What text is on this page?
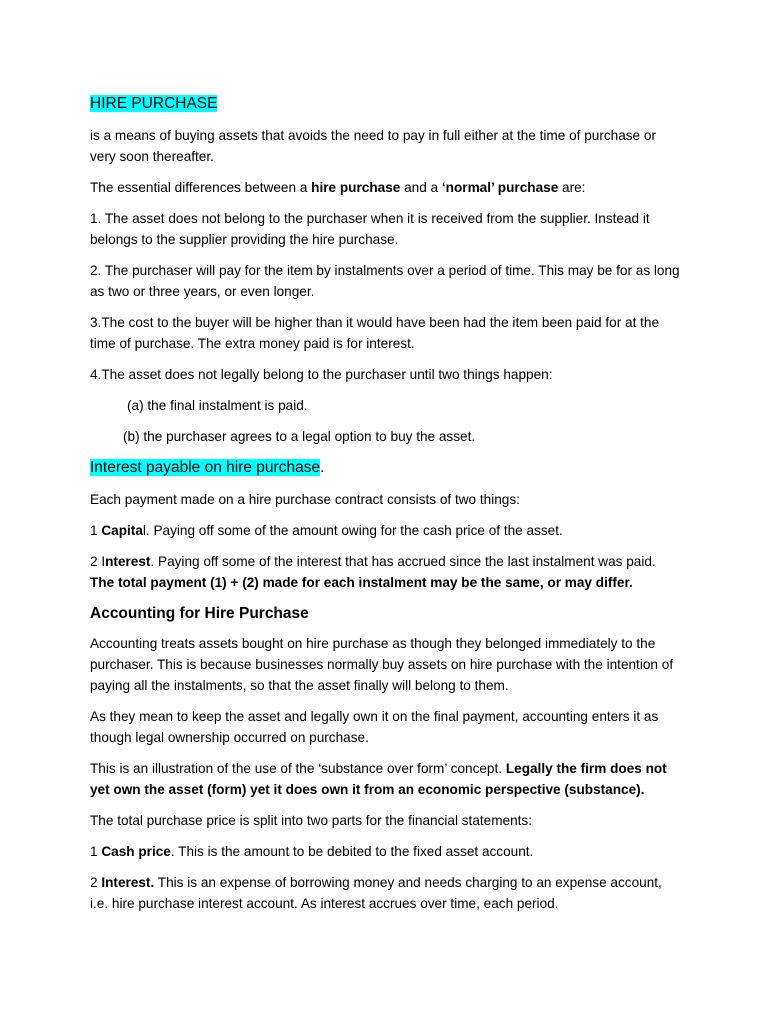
HIRE PURCHASE

is a means of buying assets that avoids the need to pay in full either at the time of purchase or very soon thereafter.

The essential differences between a hire purchase and a ‘normal’ purchase are:

1. The asset does not belong to the purchaser when it is received from the supplier. Instead it belongs to the supplier providing the hire purchase.

2. The purchaser will pay for the item by instalments over a period of time. This may be for as long as two or three years, or even longer.

3.The cost to the buyer will be higher than it would have been had the item been paid for at the time of purchase. The extra money paid is for interest.

4.The asset does not legally belong to the purchaser until two things happen:

(a) the final instalment is paid.

(b) the purchaser agrees to a legal option to buy the asset.

Interest payable on hire purchase.

Each payment made on a hire purchase contract consists of two things:

1 Capital. Paying off some of the amount owing for the cash price of the asset.

2 Interest. Paying off some of the interest that has accrued since the last instalment was paid.
The total payment (1) + (2) made for each instalment may be the same, or may differ.

Accounting for Hire Purchase

Accounting treats assets bought on hire purchase as though they belonged immediately to the purchaser. This is because businesses normally buy assets on hire purchase with the intention of paying all the instalments, so that the asset finally will belong to them.

As they mean to keep the asset and legally own it on the final payment, accounting enters it as though legal ownership occurred on purchase.

This is an illustration of the use of the ‘substance over form’ concept. Legally the firm does not yet own the asset (form) yet it does own it from an economic perspective (substance).

The total purchase price is split into two parts for the financial statements:

1 Cash price. This is the amount to be debited to the fixed asset account.

2 Interest. This is an expense of borrowing money and needs charging to an expense account, i.e. hire purchase interest account. As interest accrues over time, each period.
